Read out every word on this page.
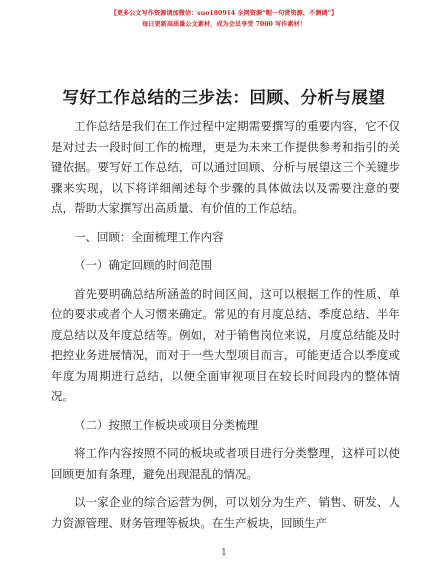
【更多公文写作资源请加微信：suo180914 全网资源“帽一句赏资源，不测调”】
每日更新高质量公文素材，成为会员享受 7000 写作素材！
写好工作总结的三步法：回顾、分析与展望

工作总结是我们在工作过程中定期需要撰写的重要内容，它不仅是对过去一段时间工作的梳理，更是为未来工作提供参考和指引的关键依据。要写好工作总结，可以通过回顾、分析与展望这三个关键步骤来实现，以下将详细阐述每个步骤的具体做法以及需要注意的要点，帮助大家撰写出高质量、有价值的工作总结。

一、回顾：全面梳理工作内容

（一）确定回顾的时间范围

首先要明确总结所涵盖的时间区间，这可以根据工作的性质、单位的要求或者个人习惯来确定。常见的有月度总结、季度总结、半年度总结以及年度总结等。例如，对于销售岗位来说，月度总结能及时把控业务进展情况，而对于一些大型项目而言，可能更适合以季度或年度为周期进行总结，以便全面审视项目在较长时间段内的整体情况。

（二）按照工作板块或项目分类梳理

将工作内容按照不同的板块或者项目进行分类整理，这样可以使回顾更加有条理，避免出现混乱的情况。

以一家企业的综合运营为例，可以划分为生产、销售、研发、人力资源管理、财务管理等板块。在生产板块，回顾生产

1
